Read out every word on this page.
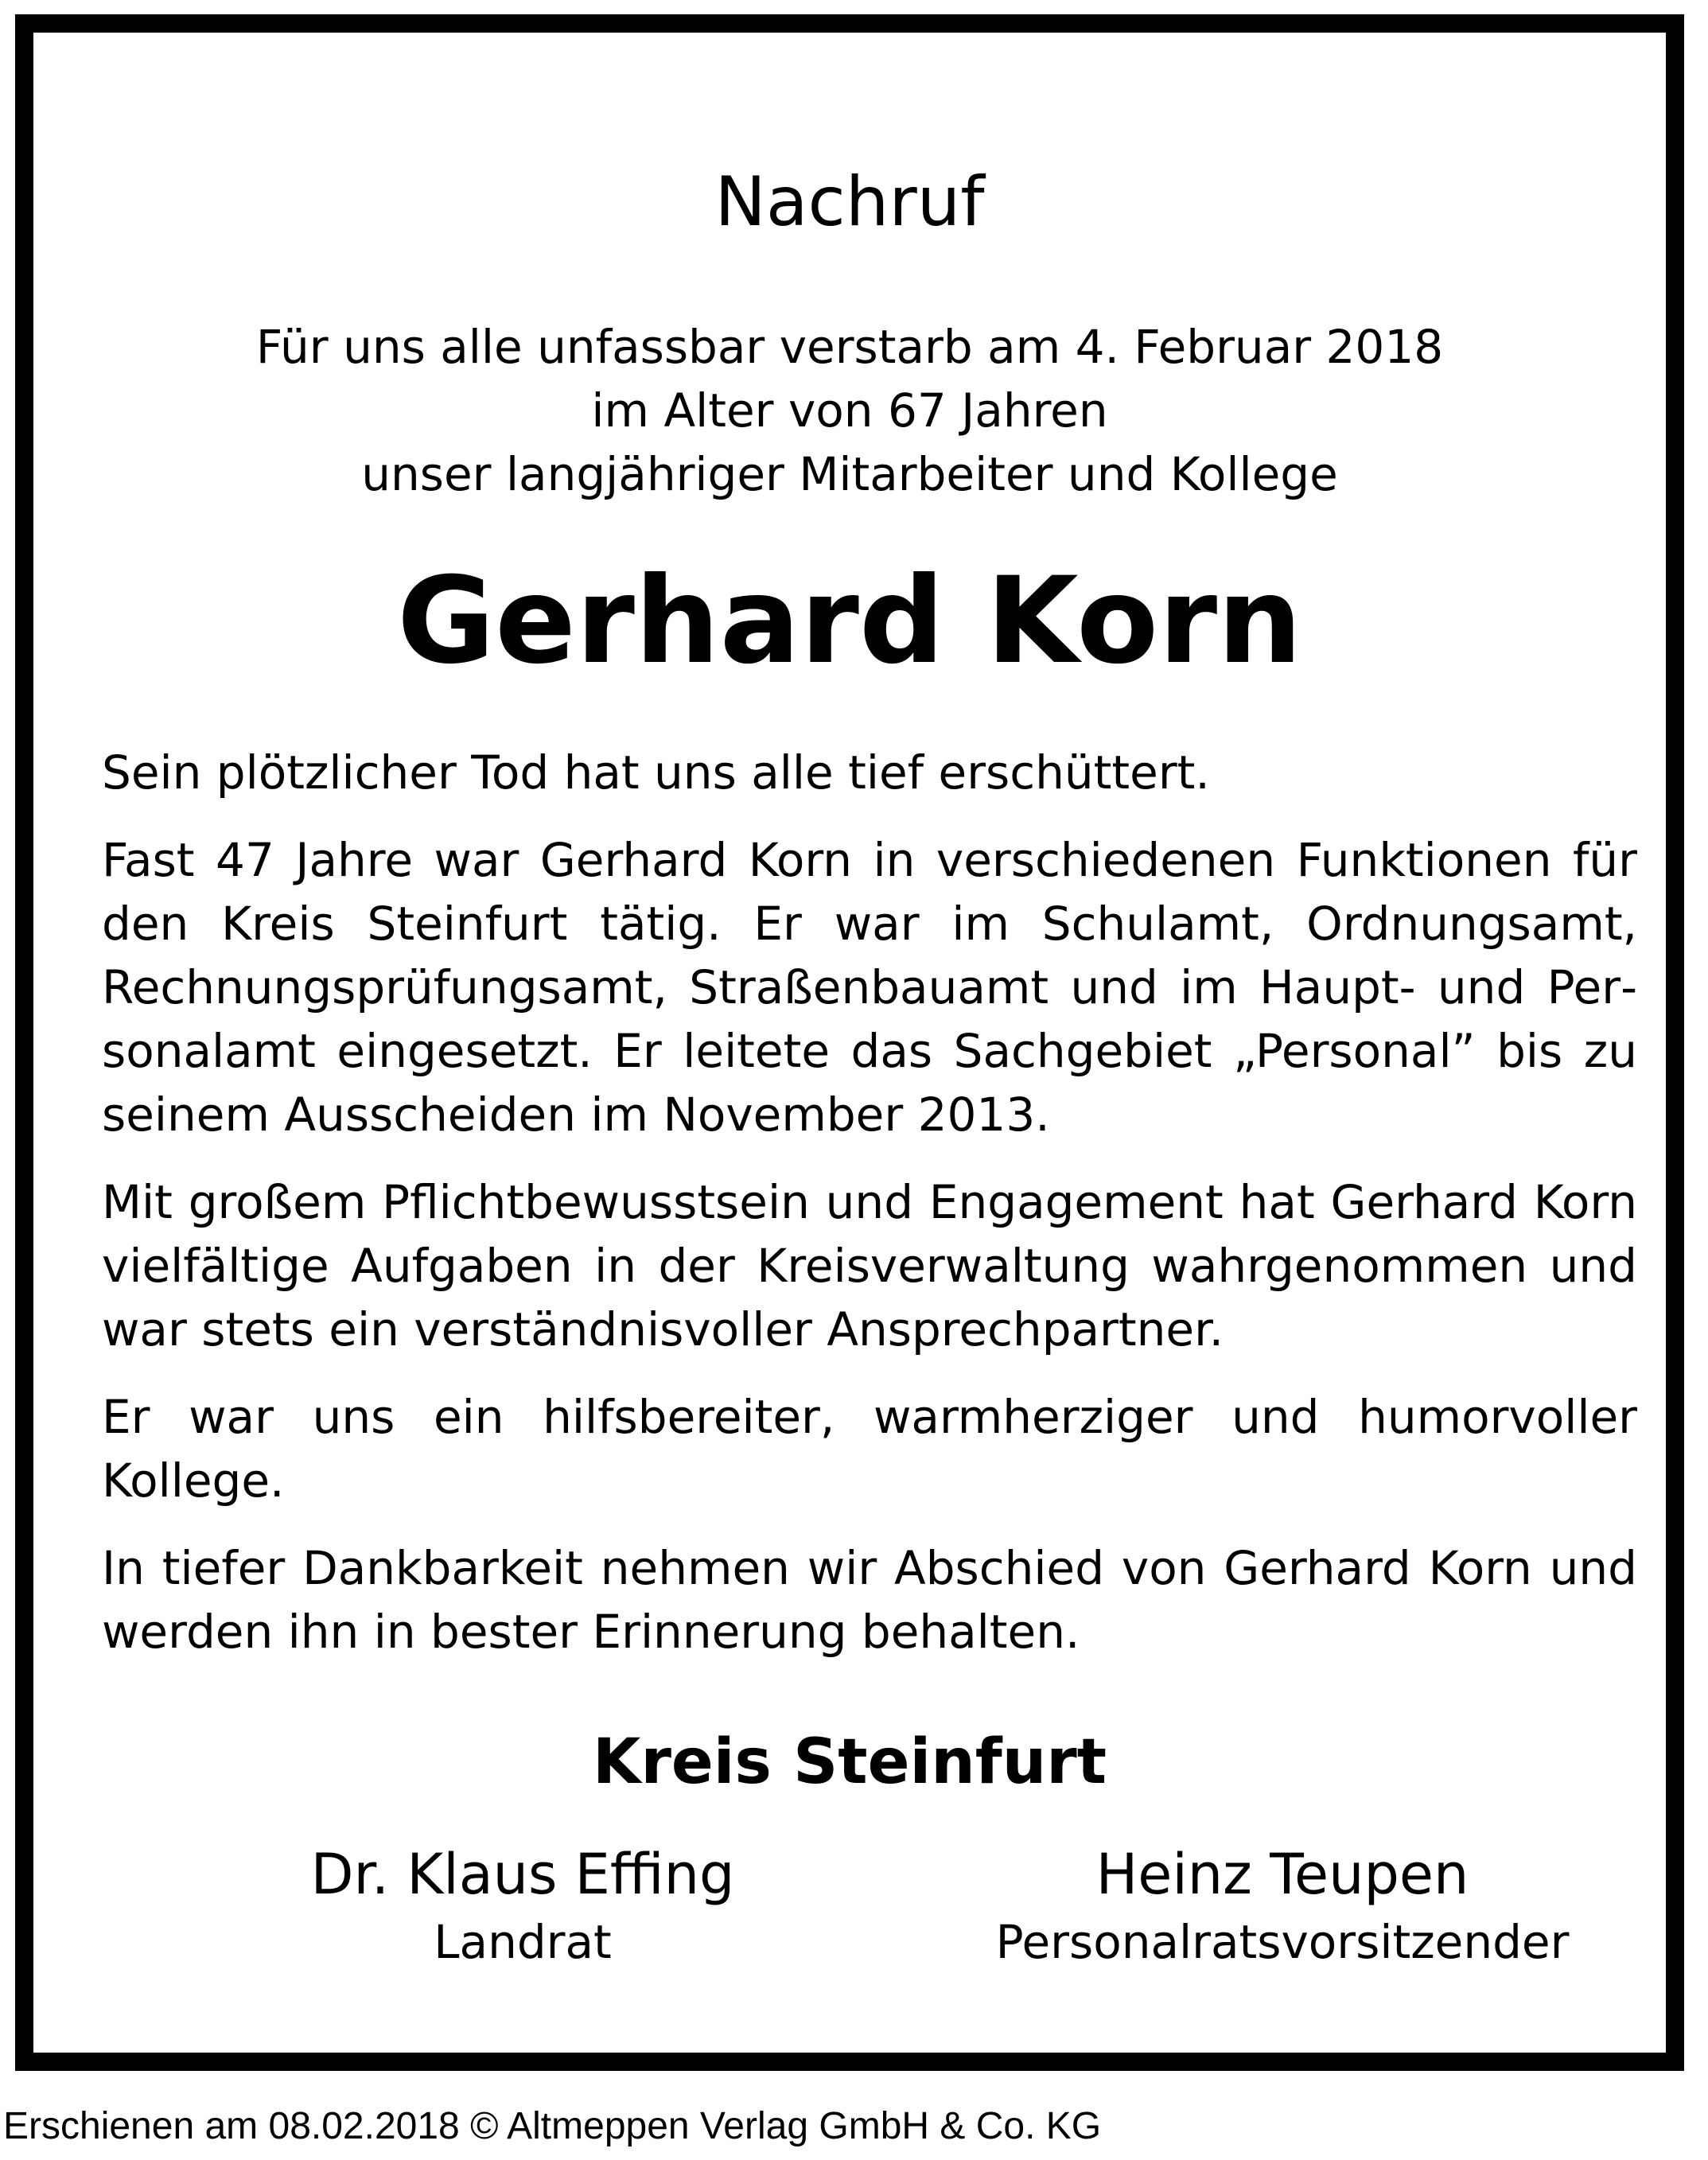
Nachruf
Für uns alle unfassbar verstarb am 4. Februar 2018
im Alter von 67 Jahren
unser langjähriger Mitarbeiter und Kollege
Gerhard Korn

Sein plötzlicher Tod hat uns alle tief erschüttert.

Fast 47 Jahre war Gerhard Korn in verschiedenen Funktionen für den Kreis Steinfurt tätig. Er war im Schulamt, Ordnungsamt, Rechnungsprüfungsamt, Straßenbauamt und im Haupt- und Personalamt eingesetzt. Er leitete das Sachgebiet „Personal” bis zu seinem Ausscheiden im November 2013.

Mit großem Pflichtbewusstsein und Engagement hat Gerhard Korn vielfältige Aufgaben in der Kreisverwaltung wahrgenommen und war stets ein verständnisvoller Ansprechpartner.

Er war uns ein hilfsbereiter, warmherziger und humorvoller Kollege.

In tiefer Dankbarkeit nehmen wir Abschied von Gerhard Korn und werden ihn in bester Erinnerung behalten.

Kreis Steinfurt
Dr. Klaus Effing
Landrat
Heinz Teupen
Personalratsvorsitzender
Erschienen am 08.02.2018 © Altmeppen Verlag GmbH & Co. KG
